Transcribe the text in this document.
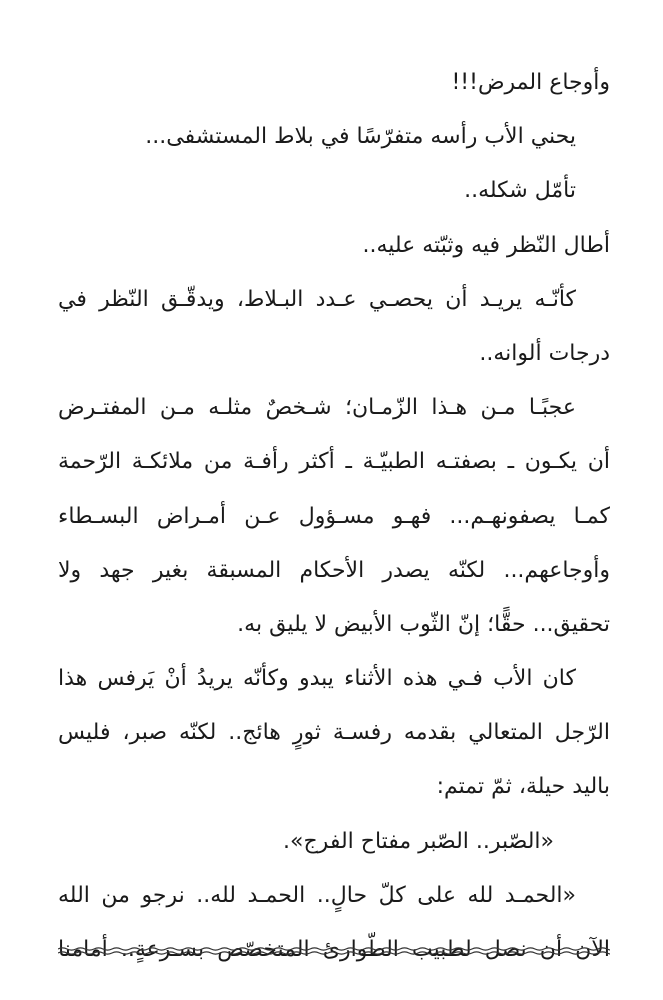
وأوجاع المرض!!!
يحني الأب رأسه متفرّسًا في بلاط المستشفى...
تأمّل شكله..
أطال النّظر فيه وثبّته عليه..
كأنّـه يريـد أن يحصـي عـدد البـلاط، ويدقّـق النّظر في
درجات ألوانه..
عجبًـا مـن هـذا الزّمـان؛ شـخصٌ مثلـه مـن المفتـرض
أن يكـون ـ بصفتـه الطبيّـة ـ أكثر رأفـة من ملائكـة الرّحمة
كمـا يصفونهـم... فهـو مسـؤول عـن أمـراض البسـطاء
وأوجاعهم... لكنّه يصدر الأحكام المسبقة بغير جهد ولا
تحقيق... حقًّا؛ إنّ الثّوب الأبيض لا يليق به.
كان الأب فـي هذه الأثناء يبدو وكأنّه يريدُ أنْ يَرفس هذا
الرّجل المتعالي بقدمه رفسـة ثورٍ هائج.. لكنّه صبر، فليس
باليد حيلة، ثمّ تمتم:
«الصّبر.. الصّبر مفتاح الفرج».
«الحمـد لله على كلّ حالٍ.. الحمـد لله.. نرجو من الله
الآن أن نصل لطبيب الطّوارئ المتخصّص بسـرعةٍ.. أمامنا
